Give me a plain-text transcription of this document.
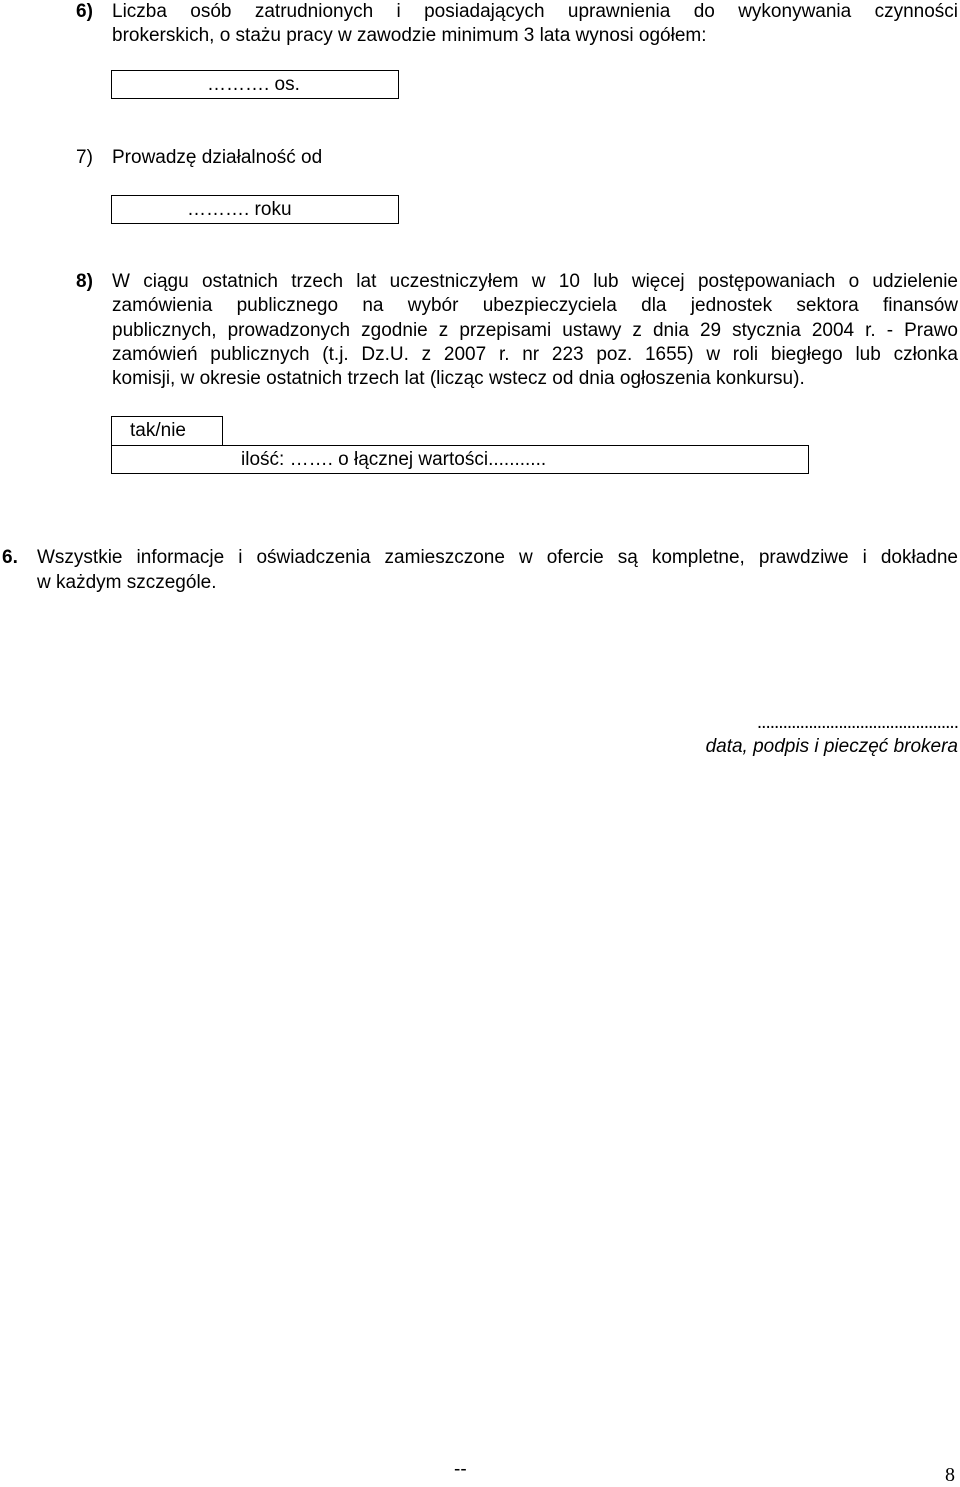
6) Liczba osób zatrudnionych i posiadających uprawnienia do wykonywania czynności
brokerskich, o stażu pracy w zawodzie minimum 3 lata wynosi ogółem:
………. os.
7) Prowadzę działalność od
………. roku
8) W ciągu ostatnich trzech lat uczestniczyłem w 10 lub więcej postępowaniach o udzielenie
zamówienia publicznego na wybór ubezpieczyciela dla jednostek sektora finansów
publicznych, prowadzonych zgodnie z przepisami ustawy z dnia 29 stycznia 2004 r. - Prawo
zamówień publicznych (t.j. Dz.U. z 2007 r. nr 223 poz. 1655) w roli biegłego lub członka
komisji, w okresie ostatnich trzech lat (licząc wstecz od dnia ogłoszenia konkursu).
tak/nie
ilość: ……. o łącznej wartości...........
6. Wszystkie informacje i oświadczenia zamieszczone w ofercie są kompletne, prawdziwe i dokładne
w każdym szczególe.
...............................................
data, podpis i pieczęć brokera
--	8
